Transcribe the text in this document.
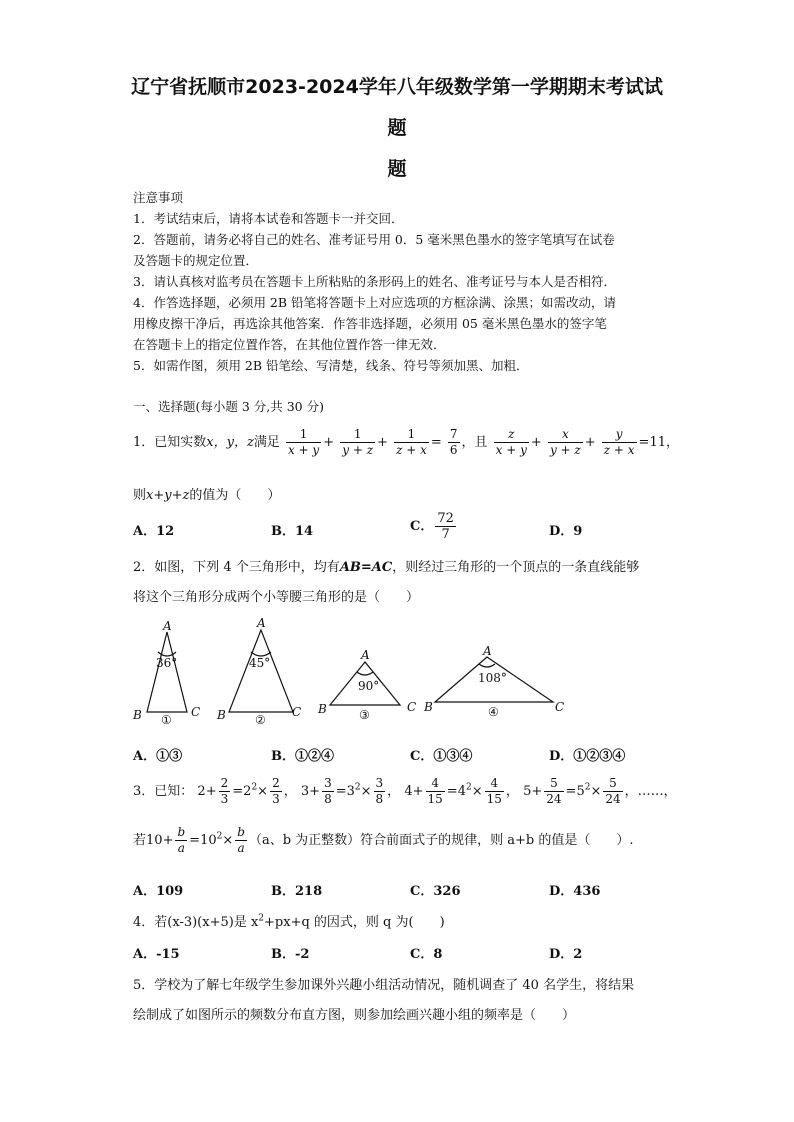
辽宁省抚顺市2023-2024学年八年级数学第一学期期末考试试
题
题
注意事项
1．考试结束后，请将本试卷和答题卡一并交回．
2．答题前，请务必将自己的姓名、准考证号用 0．5 毫米黑色墨水的签字笔填写在试卷
及答题卡的规定位置．
3．请认真核对监考员在答题卡上所粘贴的条形码上的姓名、准考证号与本人是否相符．
4．作答选择题，必须用 2B 铅笔将答题卡上对应选项的方框涂满、涂黑；如需改动，请
用橡皮擦干净后，再选涂其他答案．作答非选择题，必须用 05 毫米黑色墨水的签字笔
在答题卡上的指定位置作答，在其他位置作答一律无效．
5．如需作图，须用 2B 铅笔绘、写清楚，线条、符号等须加黑、加粗．
一、选择题(每小题 3 分,共 30 分)
1．已知实数x，y，z满足 $\frac{1}{x + y} + \frac{1}{y + z} + \frac{1}{z + x} = \frac{7}{6}$ ，且 $\frac{z}{x + y} + \frac{x}{y + z} + \frac{y}{z + x} =11$，
则x+y+z的值为（　　）
A．12	B．14	C． $\frac{72}{7}$	D．9
2．如图，下列 4 个三角形中，均有AB=AC，则经过三角形的一个顶点的一条直线能够
将这个三角形分成两个小等腰三角形的是（　　）
A
36°
B	C
①
A
45°
B	C
②
A
90°
B	C
③
A
108°
B	C
④
A．①③	B．①②④	C．①③④	D．①②③④
3．已知： $2+ \frac{2}{3} =2^2\times \frac{2}{3}$ ， $3+ \frac{3}{8} =3^2\times \frac{3}{8}$ ， $4+ \frac{4}{15} =4^2\times \frac{4}{15}$ ， $5+ \frac{5}{24} =5^2\times \frac{5}{24}$ ，……，
若$10+ \frac{b}{a} =10^2\times \frac{b}{a} (a$、b 为正整数）符合前面式子的规律，则 a+b 的值是（　　）.
A．109	B．218	C．326	D．436
4．若(x-3)(x+5)是 $x^2+px+q$ 的因式，则 q 为(　　)
A．-15	B．-2	C．8	D．2
5．学校为了解七年级学生参加课外兴趣小组活动情况，随机调查了 40 名学生，将结果
绘制成了如图所示的频数分布直方图，则参加绘画兴趣小组的频率是（　　）
